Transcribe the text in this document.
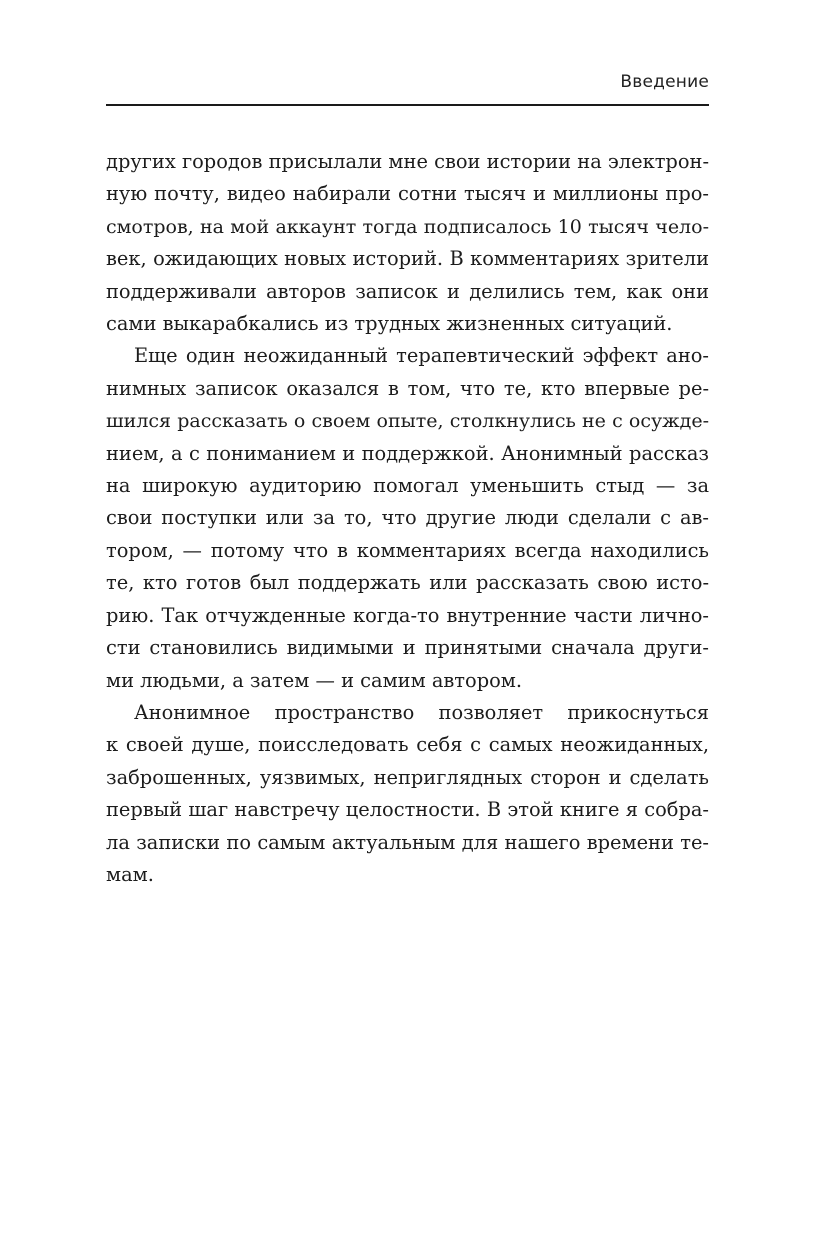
Введение

других городов присылали мне свои истории на электрон-
ную почту, видео набирали сотни тысяч и миллионы про-
смотров, на мой аккаунт тогда подписалось 10 тысяч чело-
век, ожидающих новых историй. В комментариях зрители
поддерживали авторов записок и делились тем, как они
сами выкарабкались из трудных жизненных ситуаций.

Еще один неожиданный терапевтический эффект ано-
нимных записок оказался в том, что те, кто впервые ре-
шился рассказать о своем опыте, столкнулись не с осужде-
нием, а с пониманием и поддержкой. Анонимный рассказ
на широкую аудиторию помогал уменьшить стыд — за
свои поступки или за то, что другие люди сделали с ав-
тором, — потому что в комментариях всегда находились
те, кто готов был поддержать или рассказать свою исто-
рию. Так отчужденные когда-то внутренние части лично-
сти становились видимыми и принятыми сначала други-
ми людьми, а затем — и самим автором.

Анонимное пространство позволяет прикоснуться
к своей душе, поисследовать себя с самых неожиданных,
заброшенных, уязвимых, неприглядных сторон и сделать
первый шаг навстречу целостности. В этой книге я собра-
ла записки по самым актуальным для нашего времени те-
мам.
